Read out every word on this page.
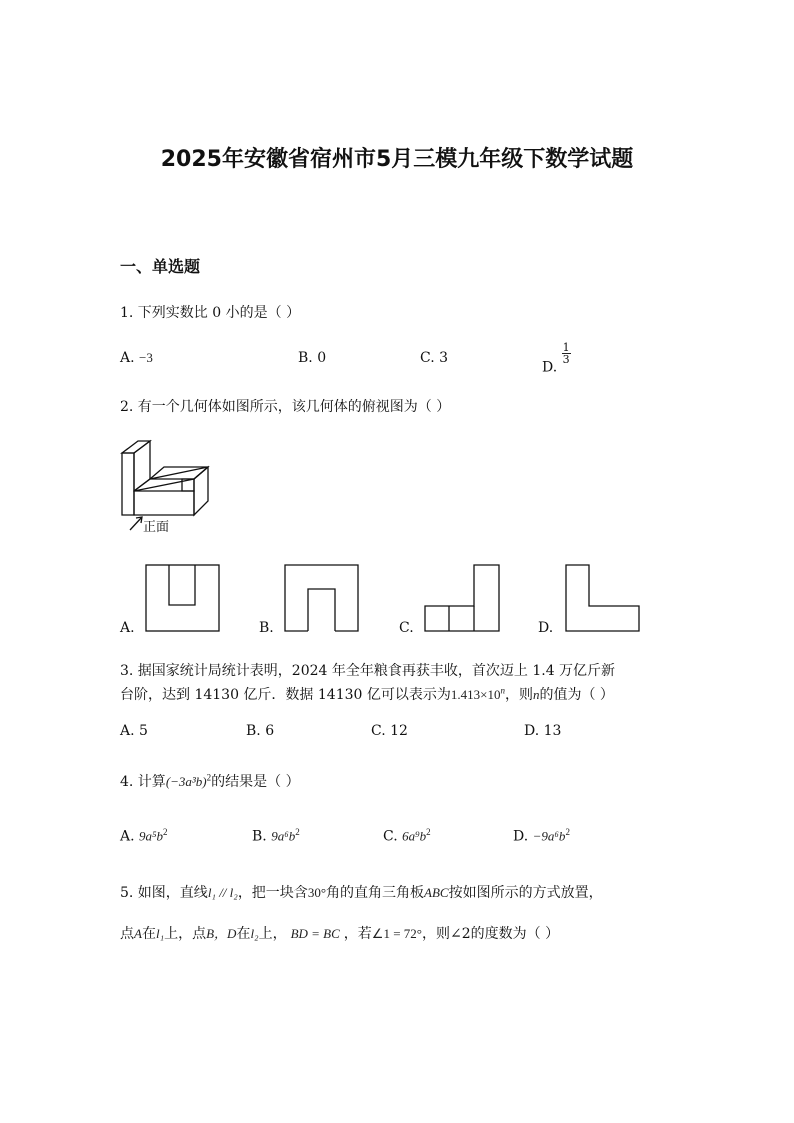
2025年安徽省宿州市5月三模九年级下数学试题
一、单选题
1. 下列实数比 0 小的是（ ）
A. −3	B. 0	C. 3
D.
$\frac{1}{3}$
2. 有一个几何体如图所示，该几何体的俯视图为（ ）
正面
A.	B.	C.	D.
3. 据国家统计局统计表明，2024 年全年粮食再获丰收，首次迈上 1.4 万亿斤新
台阶，达到 14130 亿斤．数据 14130 亿可以表示为$1.413\times 10^n$，则n的值为（ ）
A. 5	B. 6	C. 12	D. 13
4. 计算$(-3a^3b)^2$的结果是（ ）
A. $9a^5b^2$	B. $9a^6b^2$	C. $6a^9b^2$	D. $-9a^6b^2$
5. 如图，直线l₁ // l₂，把一块含30°角的直角三角板ABC按如图所示的方式放置，
点A在l₁上，点B，D在l₂上， BD = BC ，若∠1 = 72°，则∠2的度数为（ ）
